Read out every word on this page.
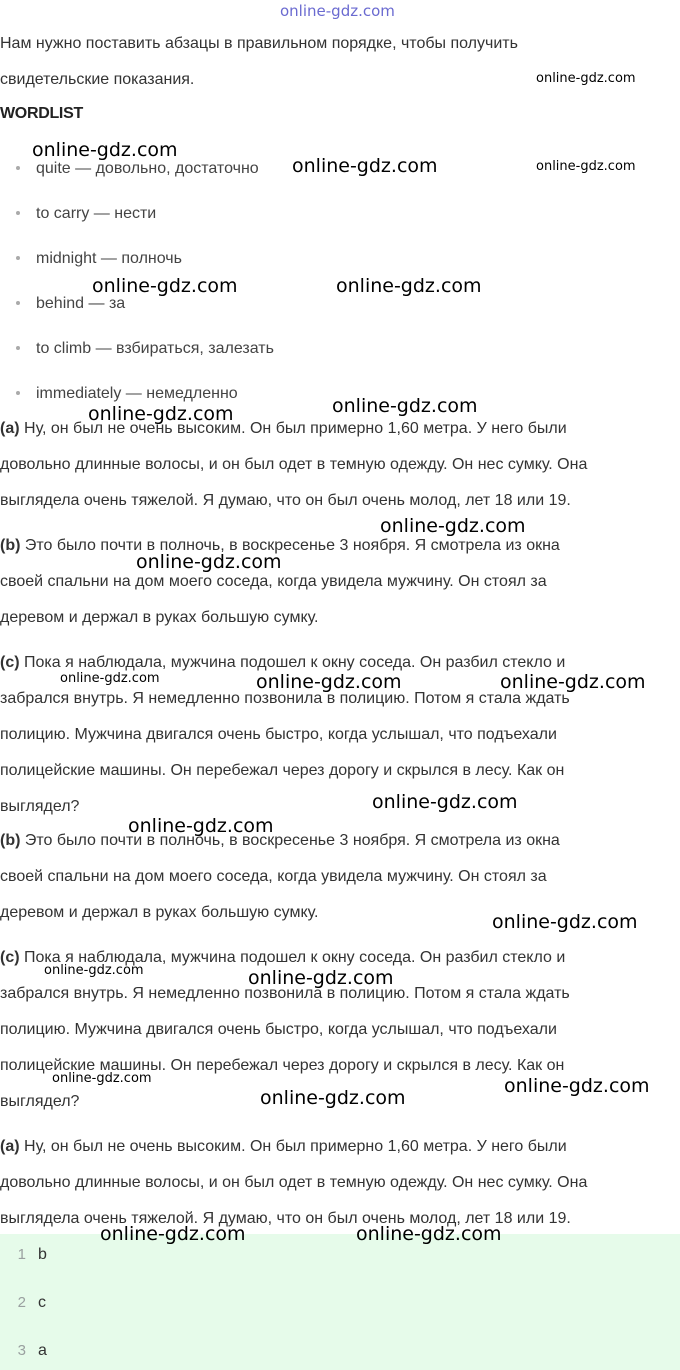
online-gdz.com
Нам нужно поставить абзацы в правильном порядке, чтобы получить
свидетельские показания.
WORDLIST
quite — довольно, достаточно
to carry — нести
midnight — полночь
behind — за
to climb — взбираться, залезать
immediately — немедленно
(a) Ну, он был не очень высоким. Он был примерно 1,60 метра. У него были
довольно длинные волосы, и он был одет в темную одежду. Он нес сумку. Она
выглядела очень тяжелой. Я думаю, что он был очень молод, лет 18 или 19.
(b) Это было почти в полночь, в воскресенье 3 ноября. Я смотрела из окна
своей спальни на дом моего соседа, когда увидела мужчину. Он стоял за
деревом и держал в руках большую сумку.
(c) Пока я наблюдала, мужчина подошел к окну соседа. Он разбил стекло и
забрался внутрь. Я немедленно позвонила в полицию. Потом я стала ждать
полицию. Мужчина двигался очень быстро, когда услышал, что подъехали
полицейские машины. Он перебежал через дорогу и скрылся в лесу. Как он
выглядел?
(b) Это было почти в полночь, в воскресенье 3 ноября. Я смотрела из окна
своей спальни на дом моего соседа, когда увидела мужчину. Он стоял за
деревом и держал в руках большую сумку.
(c) Пока я наблюдала, мужчина подошел к окну соседа. Он разбил стекло и
забрался внутрь. Я немедленно позвонила в полицию. Потом я стала ждать
полицию. Мужчина двигался очень быстро, когда услышал, что подъехали
полицейские машины. Он перебежал через дорогу и скрылся в лесу. Как он
выглядел?
(a) Ну, он был не очень высоким. Он был примерно 1,60 метра. У него были
довольно длинные волосы, и он был одет в темную одежду. Он нес сумку. Она
выглядела очень тяжелой. Я думаю, что он был очень молод, лет 18 или 19.
1 b
2 c
3 a
online-gdz.com
online-gdz.com
online-gdz.com	online-gdz.com
online-gdz.com	online-gdz.com
online-gdz.com
online-gdz.com
online-gdz.com
online-gdz.com
online-gdz.com	online-gdz.com	online-gdz.com
online-gdz.com
online-gdz.com
online-gdz.com
online-gdz.com	online-gdz.com
online-gdz.com	online-gdz.com
online-gdz.com
online-gdz.com	online-gdz.com
